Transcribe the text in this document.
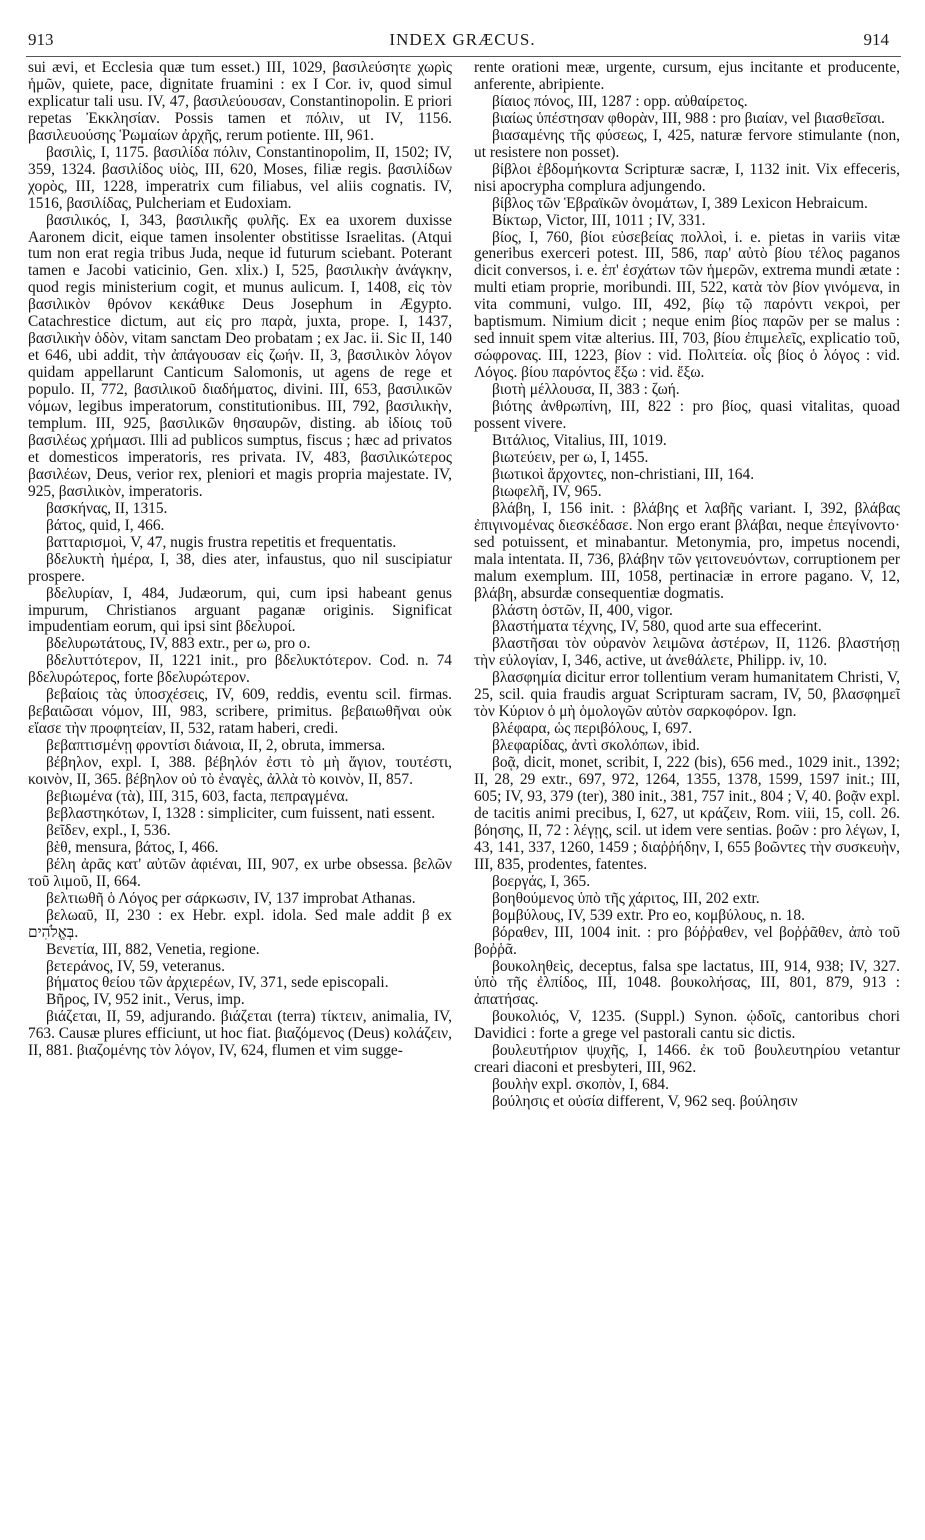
913	INDEX GRÆCUS.	914

sui ævi, et Ecclesia quæ tum esset.) III, 1029, βασιλεύσητε χωρὶς ἡμῶν, quiete, pace, dignitate fruamini : ex I Cor. iv, quod simul explicatur tali usu. IV, 47, βασιλεύουσαν, Constantinopolin. E priori repetas Ἐκκλησίαν. Possis tamen et πόλιν, ut IV, 1156. βασιλευούσης Ῥωμαίων ἀρχῆς, rerum potiente. III, 961.

βασιλὶς, I, 1175. βασιλίδα πόλιν, Constantinopolim, II, 1502; IV, 359, 1324. βασιλίδος υἱὸς, III, 620, Moses, filiæ regis. βασιλίδων χορὸς, III, 1228, imperatrix cum filiabus, vel aliis cognatis. IV, 1516, βασιλίδας, Pulcheriam et Eudoxiam.

βασιλικός, I, 343, βασιλικῆς φυλῆς. Ex ea uxorem duxisse Aaronem dicit, eique tamen insolenter obstitisse Israelitas. (Atqui tum non erat regia tribus Juda, neque id futurum sciebant. Poterant tamen e Jacobi vaticinio, Gen. xlix.) I, 525, βασιλικὴν ἀνάγκην, quod regis ministerium cogit, et munus aulicum. I, 1408, εἰς τὸν βασιλικὸν θρόνον κεκάθικε Deus Josephum in Ægypto. Catachrestice dictum, aut εἰς pro παρὰ, juxta, prope. I, 1437, βασιλικὴν ὁδὸν, vitam sanctam Deo probatam ; ex Jac. ii. Sic II, 140 et 646, ubi addit, τὴν ἀπάγουσαν εἰς ζωήν. II, 3, βασιλικὸν λόγον quidam appellarunt Canticum Salomonis, ut agens de rege et populo. II, 772, βασιλικοῦ διαδήματος, divini. III, 653, βασιλικῶν νόμων, legibus imperatorum, constitutionibus. III, 792, βασιλικὴν, templum. III, 925, βασιλικῶν θησαυρῶν, disting. ab ἰδίοις τοῦ βασιλέως χρήμασι. Illi ad publicos sumptus, fiscus ; hæc ad privatos et domesticos imperatoris, res privata. IV, 483, βασιλικώτερος βασιλέων, Deus, verior rex, pleniori et magis propria majestate. IV, 925, βασιλικὸν, imperatoris.

βασκήνας, II, 1315.

βάτος, quid, I, 466.

βατταρισμοὶ, V, 47, nugis frustra repetitis et frequentatis.

βδελυκτὴ ἡμέρα, I, 38, dies ater, infaustus, quo nil suscipiatur prospere.

βδελυρίαν, I, 484, Judæorum, qui, cum ipsi habeant genus impurum, Christianos arguant paganæ originis. Significat impudentiam eorum, qui ipsi sint βδελυροί.

βδελυρωτάτους, IV, 883 extr., per ω, pro ο.

βδελυττότερον, II, 1221 init., pro βδελυκτότερον. Cod. n. 74 βδελυρώτερος, forte βδελυρώτερον.

βεβαίοις τὰς ὑποσχέσεις, IV, 609, reddis, eventu scil. firmas. βεβαιῶσαι νόμον, III, 983, scribere, primitus. βεβαιωθῆναι οὐκ εἴασε τὴν προφητείαν, II, 532, ratam haberi, credi.

βεβαπτισμένῃ φροντίσι διάνοια, II, 2, obruta, immersa.

βέβηλον, expl. I, 388. βέβηλόν ἐστι τὸ μὴ ἅγιον, τουτέστι, κοινὸν, II, 365. βέβηλον οὐ τὸ ἐναγὲς, ἀλλὰ τὸ κοινὸν, II, 857.

βεβιωμένα (τὰ), III, 315, 603, facta, πεπραγμένα.

βεβλαστηκότων, I, 1328 : simpliciter, cum fuissent, nati essent.

βεῖδεν, expl., I, 536.

βὲθ, mensura, βάτος, I, 466.

βέλη ἀρᾶς κατ' αὐτῶν ἀφιέναι, III, 907, ex urbe obsessa. βελῶν τοῦ λιμοῦ, II, 664.

βελτιωθῆ ὁ Λόγος per σάρκωσιν, IV, 137 improbat Athanas.

βελωαῦ, II, 230 : ex Hebr. expl. idola. Sed male addit β ex בְּאֱלֹהִים.

Βενετία, III, 882, Venetia, regione.

βετεράνος, IV, 59, veteranus.

βήματος θείου τῶν ἀρχιερέων, IV, 371, sede episcopali.

Βῆρος, IV, 952 init., Verus, imp.

βιάζεται, II, 59, adjurando. βιάζεται (terra) τίκτειν, animalia, IV, 763. Causæ plures efficiunt, ut hoc fiat. βιαζόμενος (Deus) κολάζειν, II, 881. βιαζομένης τὸν λόγον, IV, 624, flumen et vim sugge-

rente orationi meæ, urgente, cursum, ejus incitante et producente, anferente, abripiente.

βίαιος πόνος, III, 1287 : opp. αὐθαίρετος.

βιαίως ὑπέστησαν φθορὰν, III, 988 : pro βιαίαν, vel βιασθεῖσαι.

βιασαμένης τῆς φύσεως, I, 425, naturæ fervore stimulante (non, ut resistere non posset).

βίβλοι ἑβδομήκοντα Scripturæ sacræ, I, 1132 init. Vix effeceris, nisi apocrypha complura adjungendo.

βίβλος τῶν Ἑβραϊκῶν ὀνομάτων, I, 389 Lexicon Hebraicum.

Βίκτωρ, Victor, III, 1011 ; IV, 331.

βίος, I, 760, βίοι εὐσεβείας πολλοὶ, i. e. pietas in variis vitæ generibus exerceri potest. III, 586, παρ' αὐτὸ βίου τέλος paganos dicit conversos, i. e. ἐπ' ἐσχάτων τῶν ἡμερῶν, extrema mundi ætate : multi etiam proprie, moribundi. III, 522, κατὰ τὸν βίον γινόμενα, in vita communi, vulgo. III, 492, βίῳ τῷ παρόντι νεκροὶ, per baptismum. Nimium dicit ; neque enim βίος παρῶν per se malus : sed innuit spem vitæ alterius. III, 703, βίου ἐπιμελεῖς, explicatio τοῦ, σώφρονας. III, 1223, βίον : vid. Πολιτεία. οἷς βίος ὁ λόγος : vid. Λόγος. βίου παρόντος ἔξω : vid. ἔξω.

βιοτὴ μέλλουσα, II, 383 : ζωή.

βιότης ἀνθρωπίνη, III, 822 : pro βίος, quasi vitalitas, quoad possent vivere.

Βιτάλιος, Vitalius, III, 1019.

βιωτεύειν, per ω, I, 1455.

βιωτικοὶ ἄρχοντες, non-christiani, III, 164.

βιωφελῆ, IV, 965.

βλάβη, I, 156 init. : βλάβης et λαβῆς variant. I, 392, βλάβας ἐπιγινομένας διεσκέδασε. Non ergo erant βλάβαι, neque ἐπεγίνοντο· sed potuissent, et minabantur. Metonymia, pro, impetus nocendi, mala intentata. II, 736, βλάβην τῶν γειτονευόντων, corruptionem per malum exemplum. III, 1058, pertinaciæ in errore pagano. V, 12, βλάβη, absurdæ consequentiæ dogmatis.

βλάστη ὀστῶν, II, 400, vigor.

βλαστήματα τέχνης, IV, 580, quod arte sua effecerint.

βλαστῆσαι τὸν οὐρανὸν λειμῶνα ἀστέρων, II, 1126. βλαστήσῃ τὴν εὐλογίαν, I, 346, active, ut ἀνεθάλετε, Philipp. iv, 10.

βλασφημία dicitur error tollentium veram humanitatem Christi, V, 25, scil. quia fraudis arguat Scripturam sacram, IV, 50, βλασφημεῖ τὸν Κύριον ὁ μὴ ὁμολογῶν αὐτὸν σαρκοφόρον. Ign.

βλέφαρα, ὡς περιβόλους, I, 697.

βλεφαρίδας, ἀντὶ σκολόπων, ibid.

βοᾷ, dicit, monet, scribit, I, 222 (bis), 656 med., 1029 init., 1392; II, 28, 29 extr., 697, 972, 1264, 1355, 1378, 1599, 1597 init.; III, 605; IV, 93, 379 (ter), 380 init., 381, 757 init., 804 ; V, 40. βοᾷν expl. de tacitis animi precibus, I, 627, ut κράζειν, Rom. viii, 15, coll. 26. βόησης, II, 72 : λέγῃς, scil. ut idem vere sentias. βοῶν : pro λέγων, I, 43, 141, 337, 1260, 1459 ; διαῤῥήδην, I, 655 βοῶντες τὴν συσκευὴν, III, 835, prodentes, fatentes.

βοεργάς, I, 365.

βοηθούμενος ὑπὸ τῆς χάριτος, III, 202 extr.

βομβύλους, IV, 539 extr. Pro eo, κομβύλους, n. 18.

βόραθεν, III, 1004 init. : pro βόῤῥαθεν, vel βοῤῥᾶθεν, ἀπὸ τοῦ βοῤῥᾶ.

βουκοληθεὶς, deceptus, falsa spe lactatus, III, 914, 938; IV, 327. ὑπὸ τῆς ἐλπίδος, III, 1048. βουκολήσας, III, 801, 879, 913 : ἀπατήσας.

βουκολιός, V, 1235. (Suppl.) Synon. ᾠδοῖς, cantoribus chori Davidici : forte a grege vel pastorali cantu sic dictis.

βουλευτήριον ψυχῆς, I, 1466. ἐκ τοῦ βουλευτηρίου vetantur creari diaconi et presbyteri, III, 962.

βουλὴν expl. σκοπὸν, I, 684.

βούλησις et οὐσία different, V, 962 seq. βούλησιν
